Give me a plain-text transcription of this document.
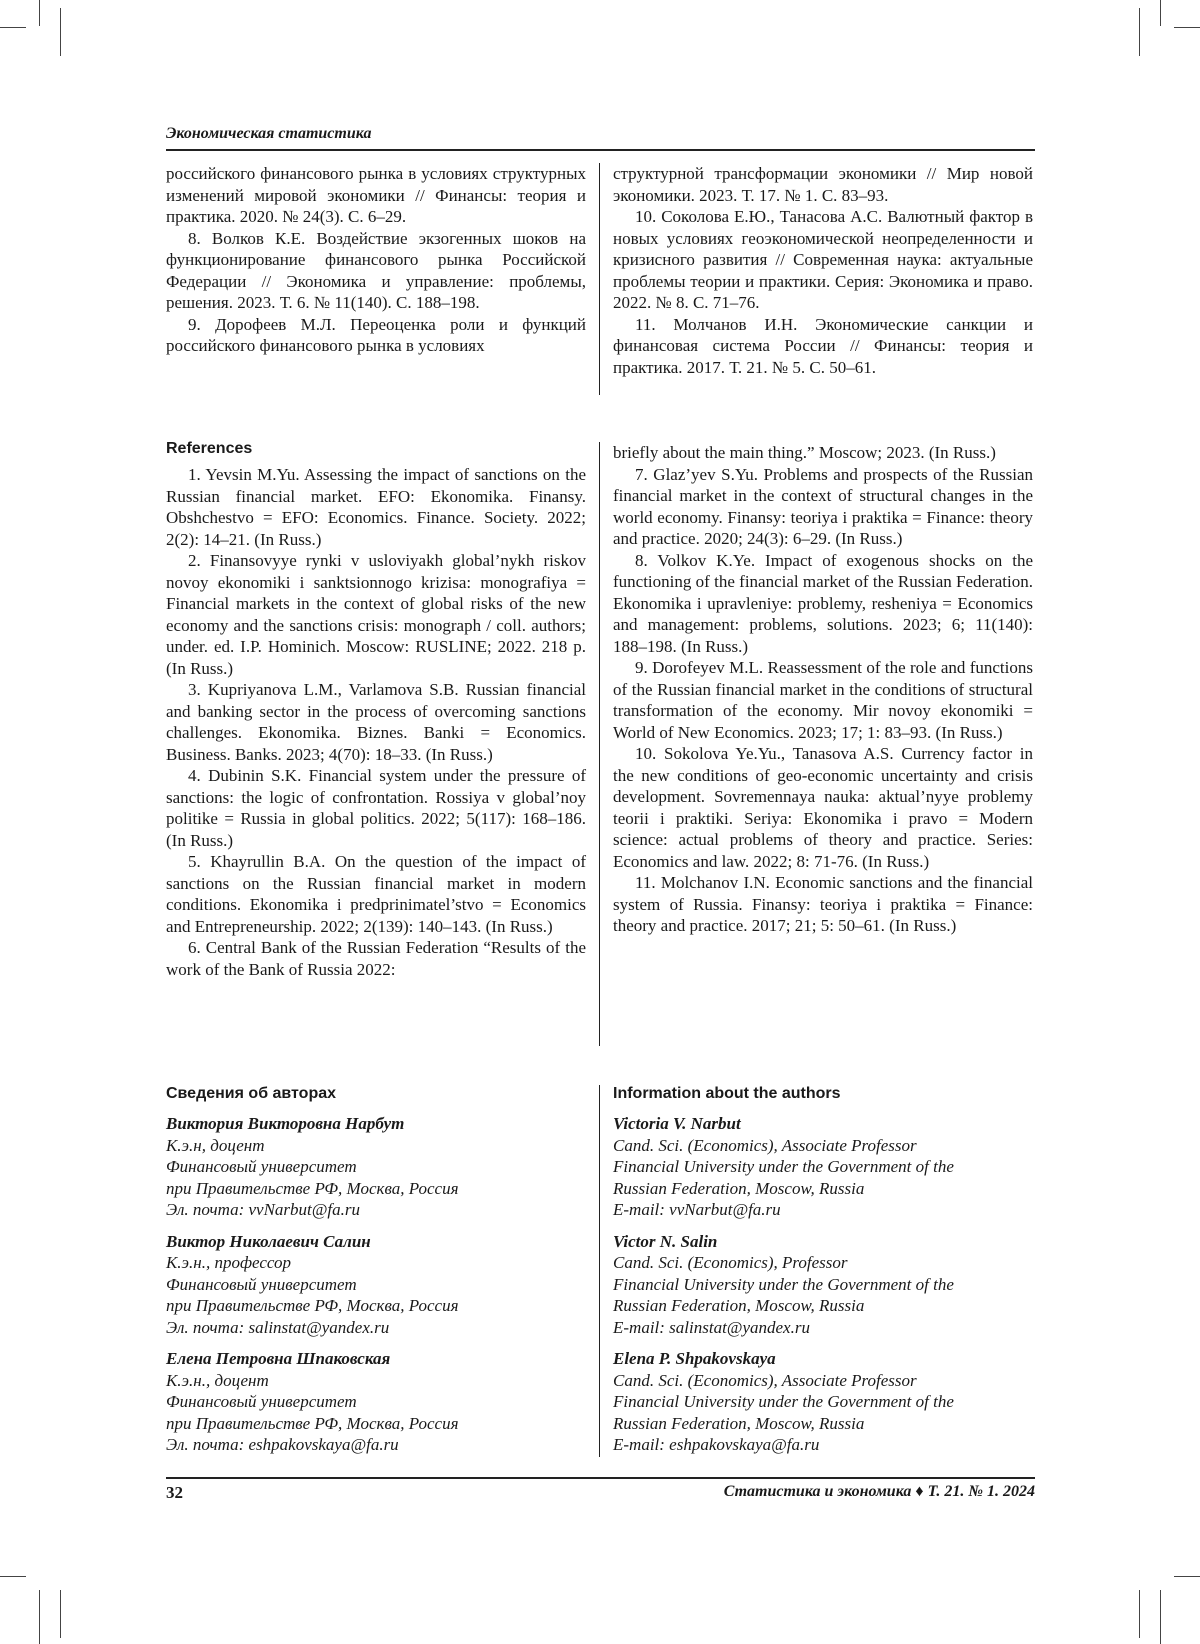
Экономическая статистика

российского финансового рынка в условиях структурных изменений мировой экономики // Финансы: теория и практика. 2020. № 24(3). С. 6–29.

8. Волков К.Е. Воздействие экзогенных шоков на функционирование финансового рынка Российской Федерации // Экономика и управление: проблемы, решения. 2023. Т. 6. № 11(140). С. 188–198.

9. Дорофеев М.Л. Переоценка роли и функций российского финансового рынка в условиях

структурной трансформации экономики // Мир новой экономики. 2023. Т. 17. № 1. С. 83–93.

10. Соколова Е.Ю., Танасова А.С. Валютный фактор в новых условиях геоэкономической неопределенности и кризисного развития // Современная наука: актуальные проблемы теории и практики. Серия: Экономика и право. 2022. № 8. С. 71–76.

11. Молчанов И.Н. Экономические санкции и финансовая система России // Финансы: теория и практика. 2017. Т. 21. № 5. С. 50–61.

References

1. Yevsin M.Yu. Assessing the impact of sanctions on the Russian financial market. EFO: Ekonomika. Finansy. Obshchestvo = EFO: Economics. Finance. Society. 2022; 2(2): 14–21. (In Russ.)

2. Finansovyye rynki v usloviyakh global’nykh riskov novoy ekonomiki i sanktsionnogo krizisa: monografiya = Financial markets in the context of global risks of the new economy and the sanctions crisis: monograph / coll. authors; under. ed. I.P. Hominich. Moscow: RUSLINE; 2022. 218 p. (In Russ.)

3. Kupriyanova L.M., Varlamova S.B. Russian financial and banking sector in the process of overcoming sanctions challenges. Ekonomika. Biznes. Banki = Economics. Business. Banks. 2023; 4(70): 18–33. (In Russ.)

4. Dubinin S.K. Financial system under the pressure of sanctions: the logic of confrontation. Rossiya v global’noy politike = Russia in global politics. 2022; 5(117): 168–186. (In Russ.)

5. Khayrullin B.A. On the question of the impact of sanctions on the Russian financial market in modern conditions. Ekonomika i predprinimatel’stvo = Economics and Entrepreneurship. 2022; 2(139): 140–143. (In Russ.)

6. Central Bank of the Russian Federation “Results of the work of the Bank of Russia 2022:

briefly about the main thing.” Moscow; 2023. (In Russ.)

7. Glaz’yev S.Yu. Problems and prospects of the Russian financial market in the context of structural changes in the world economy. Finansy: teoriya i praktika = Finance: theory and practice. 2020; 24(3): 6–29. (In Russ.)

8. Volkov K.Ye. Impact of exogenous shocks on the functioning of the financial market of the Russian Federation. Ekonomika i upravleniye: problemy, resheniya = Economics and management: problems, solutions. 2023; 6; 11(140): 188–198. (In Russ.)

9. Dorofeyev M.L. Reassessment of the role and functions of the Russian financial market in the conditions of structural transformation of the economy. Mir novoy ekonomiki = World of New Economics. 2023; 17; 1: 83–93. (In Russ.)

10. Sokolova Ye.Yu., Tanasova A.S. Currency factor in the new conditions of geo-economic uncertainty and crisis development. Sovremennaya nauka: aktual’nyye problemy teorii i praktiki. Seriya: Ekonomika i pravo = Modern science: actual problems of theory and practice. Series: Economics and law. 2022; 8: 71-76. (In Russ.)

11. Molchanov I.N. Economic sanctions and the financial system of Russia. Finansy: teoriya i praktika = Finance: theory and practice. 2017; 21; 5: 50–61. (In Russ.)

Сведения об авторах
Виктория Викторовна Нарбут
К.э.н, доцент
Финансовый университет
при Правительстве РФ, Москва, Россия
Эл. почта: vvNarbut@fa.ru
Виктор Николаевич Салин
К.э.н., профессор
Финансовый университет
при Правительстве РФ, Москва, Россия
Эл. почта: salinstat@yandex.ru
Елена Петровна Шпаковская
К.э.н., доцент
Финансовый университет
при Правительстве РФ, Москва, Россия
Эл. почта: eshpakovskaya@fa.ru
Information about the authors
Victoria V. Narbut
Cand. Sci. (Economics), Associate Professor
Financial University under the Government of the
Russian Federation, Moscow, Russia
E-mail: vvNarbut@fa.ru
Victor N. Salin
Cand. Sci. (Economics), Professor
Financial University under the Government of the
Russian Federation, Moscow, Russia
E-mail: salinstat@yandex.ru
Elena P. Shpakovskaya
Cand. Sci. (Economics), Associate Professor
Financial University under the Government of the
Russian Federation, Moscow, Russia
E-mail: eshpakovskaya@fa.ru
32	Статистика и экономика ♦ Т. 21. № 1. 2024
